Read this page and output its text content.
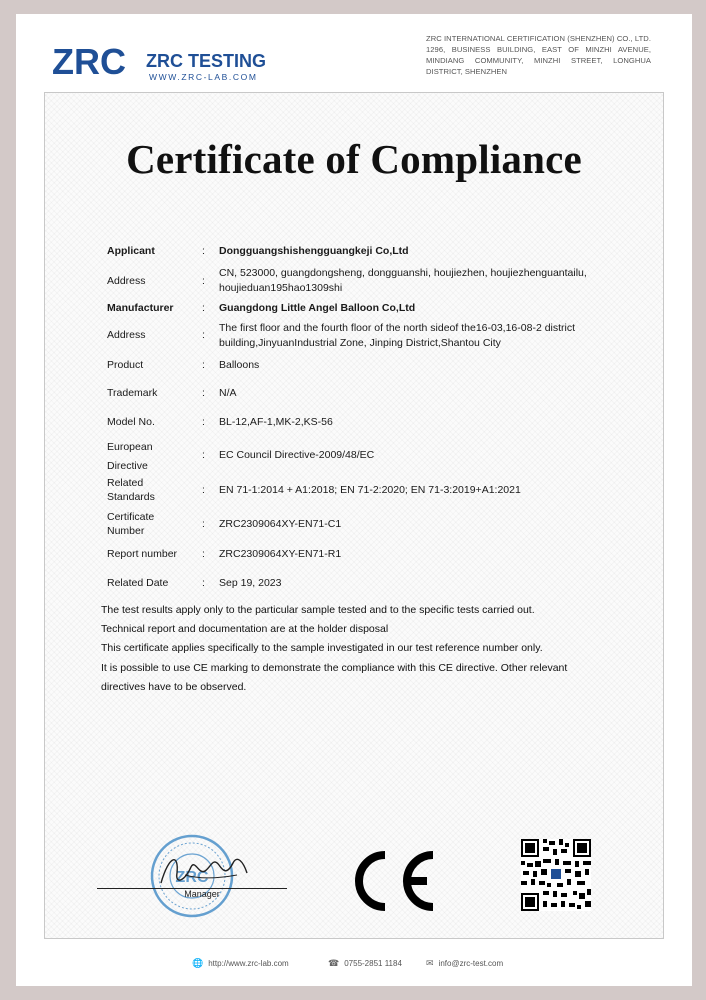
ZRC ZRC TESTING
WWW.ZRC-LAB.COM
ZRC INTERNATIONAL CERTIFICATION (SHENZHEN) CO., LTD. 1296, BUSINESS BUILDING, EAST OF MINZHI AVENUE, MINDIANG COMMUNITY, MINZHI STREET, LONGHUA DISTRICT, SHENZHEN
Certificate of Compliance
Applicant	: Dongguangshishengguangkeji Co,Ltd
Address	:
CN, 523000, guangdongsheng, dongguanshi, houjiezhen, houjiezhenguantailu, houjieduan195hao1309shi
Manufacturer	: Guangdong Little Angel Balloon Co,Ltd
Address	:
The first floor and the fourth floor of the north sideof the16-03,16-08-2 district building,JinyuanIndustrial Zone, Jinping District,Shantou City
Product	: Balloons
Trademark	: N/A
Model No.	: BL-12,AF-1,MK-2,KS-56
European Directive
: EC Council Directive-2009/48/EC
Related Standards
: EN 71-1:2014 + A1:2018; EN 71-2:2020; EN 71-3:2019+A1:2021
Certificate Number
: ZRC2309064XY-EN71-C1
Report number	: ZRC2309064XY-EN71-R1
Related Date	: Sep 19, 2023

The test results apply only to the particular sample tested and to the specific tests carried out.

Technical report and documentation are at the holder disposal

This certificate applies specifically to the sample investigated in our test reference number only.

It is possible to use CE marking to demonstrate the compliance with this CE directive. Other relevant directives have to be observed.

ZRC
Manager
CE
🌐 http://www.zrc-lab.com	☎ 0755-2851 1184	✉ info@zrc-test.com
